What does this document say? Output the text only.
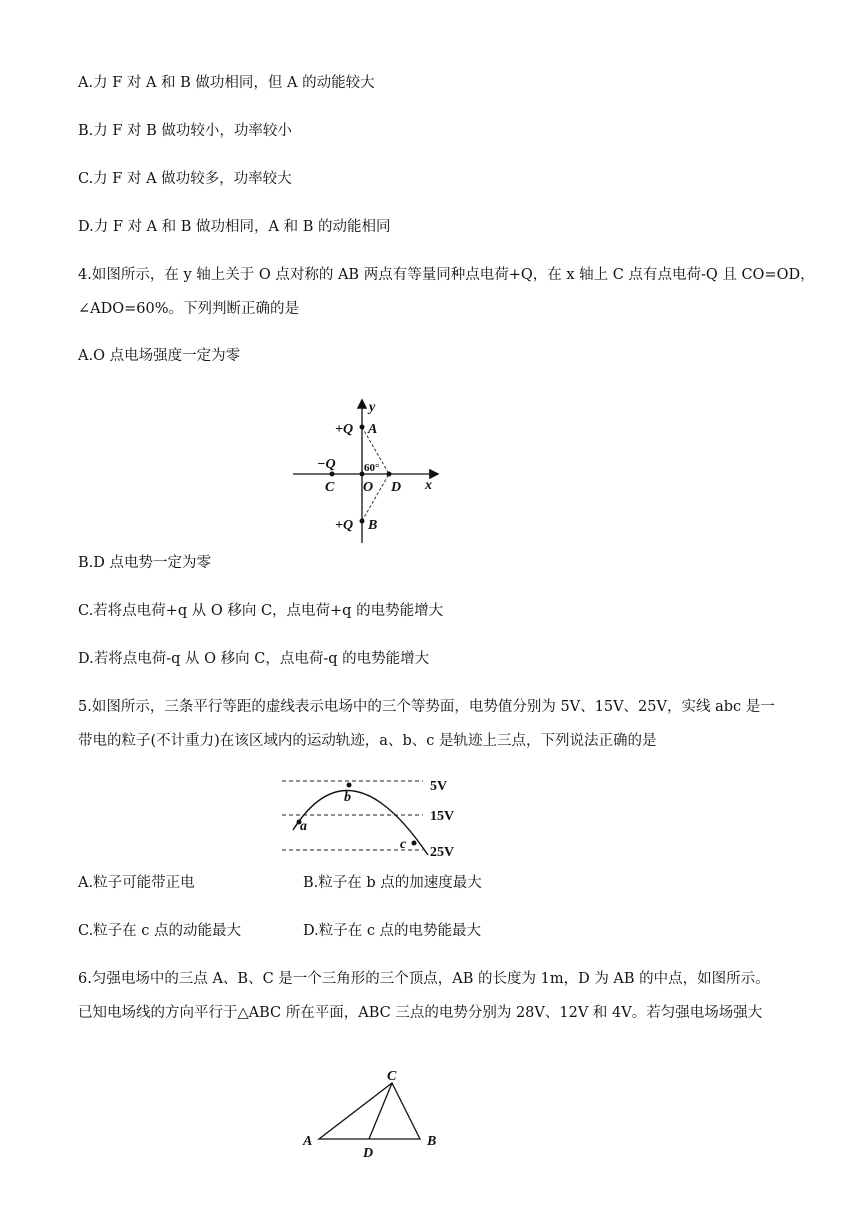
A.力 F 对 A 和 B 做功相同，但 A 的动能较大
B.力 F 对 B 做功较小，功率较小
C.力 F 对 A 做功较多，功率较大
D.力 F 对 A 和 B 做功相同，A 和 B 的动能相同
4.如图所示，在 y 轴上关于 O 点对称的 AB 两点有等量同种点电荷+Q，在 x 轴上 C 点有点电荷-Q 且 CO=OD，
∠ADO=60%。下列判断正确的是
A.O 点电场强度一定为零
y
x
+Q A
−Q
C O D
60°
+Q B
B.D 点电势一定为零
C.若将点电荷+q 从 O 移向 C，点电荷+q 的电势能增大
D.若将点电荷-q 从 O 移向 C，点电荷-q 的电势能增大
5.如图所示，三条平行等距的虚线表示电场中的三个等势面，电势值分别为 5V、15V、25V，实线 abc 是一
带电的粒子(不计重力)在该区域内的运动轨迹，a、b、c 是轨迹上三点，下列说法正确的是
5V
15V
25V
a
b
c
A.粒子可能带正电	B.粒子在 b 点的加速度最大
C.粒子在 c 点的动能最大	D.粒子在 c 点的电势能最大
6.匀强电场中的三点 A、B、C 是一个三角形的三个顶点，AB 的长度为 1m，D 为 AB 的中点，如图所示。
已知电场线的方向平行于△ABC 所在平面，ABC 三点的电势分别为 28V、12V 和 4V。若匀强电场场强大
C
A	B
D
